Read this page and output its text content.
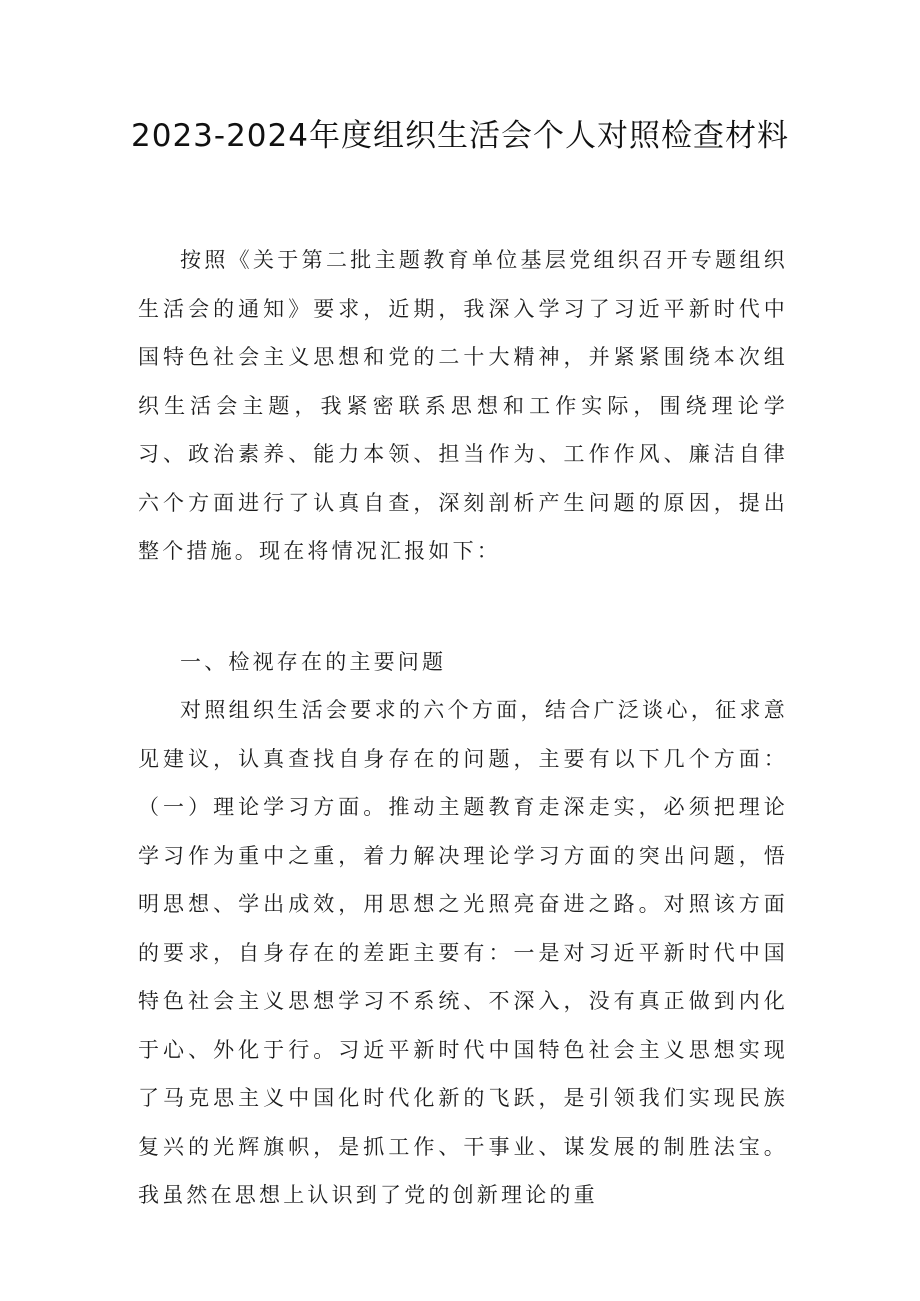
2023-2024年度组织生活会个人对照检查材料

按照《关于第二批主题教育单位基层党组织召开专题组织生活会的通知》要求，近期，我深入学习了习近平新时代中国特色社会主义思想和党的二十大精神，并紧紧围绕本次组织生活会主题，我紧密联系思想和工作实际，围绕理论学习、政治素养、能力本领、担当作为、工作作风、廉洁自律六个方面进行了认真自查，深刻剖析产生问题的原因，提出整个措施。现在将情况汇报如下：

一、检视存在的主要问题

对照组织生活会要求的六个方面，结合广泛谈心，征求意见建议，认真查找自身存在的问题，主要有以下几个方面：（一）理论学习方面。推动主题教育走深走实，必须把理论学习作为重中之重，着力解决理论学习方面的突出问题，悟明思想、学出成效，用思想之光照亮奋进之路。对照该方面的要求，自身存在的差距主要有：一是对习近平新时代中国特色社会主义思想学习不系统、不深入，没有真正做到内化于心、外化于行。习近平新时代中国特色社会主义思想实现了马克思主义中国化时代化新的飞跃，是引领我们实现民族复兴的光辉旗帜，是抓工作、干事业、谋发展的制胜法宝。我虽然在思想上认识到了党的创新理论的重
